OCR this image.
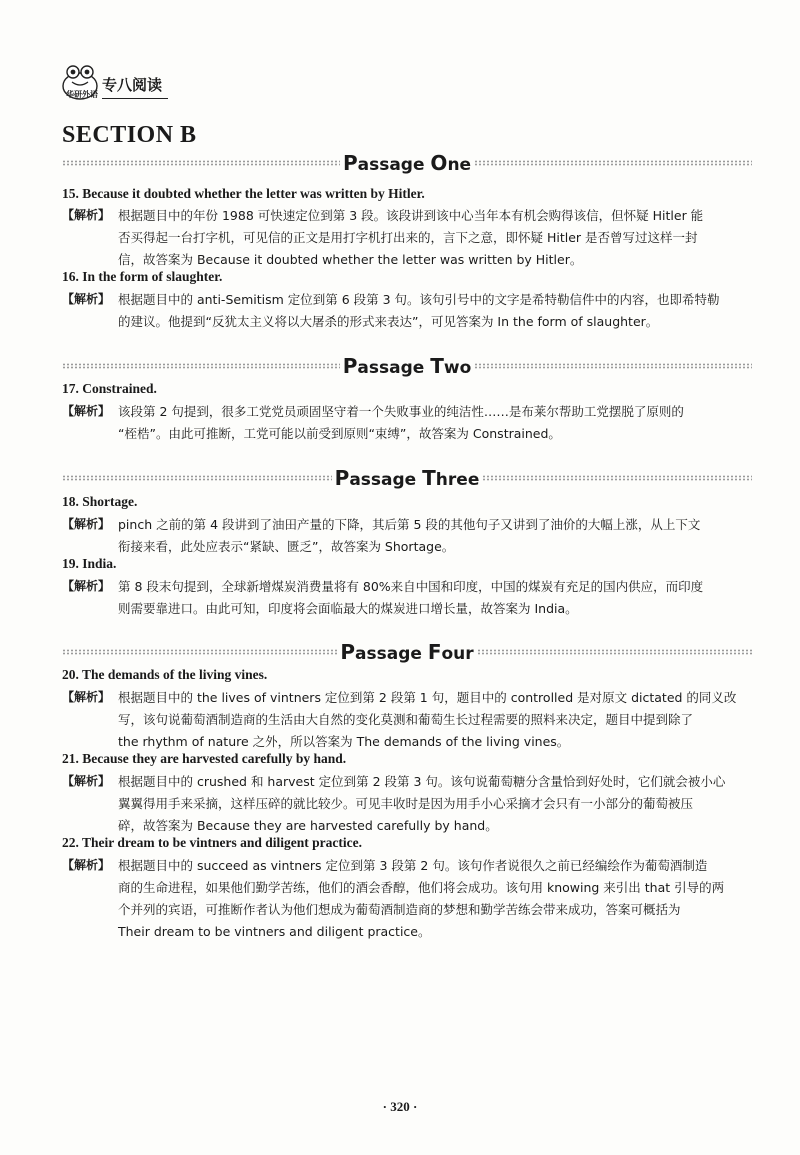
华研外语
专八阅读
SECTION B
Passage One
15. Because it doubted whether the letter was written by Hitler.
【解析】 根据题目中的年份 1988 可快速定位到第 3 段。该段讲到该中心当年本有机会购得该信，但怀疑 Hitler 能
否买得起一台打字机，可见信的正文是用打字机打出来的，言下之意，即怀疑 Hitler 是否曾写过这样一封
信，故答案为 Because it doubted whether the letter was written by Hitler。
16. In the form of slaughter.
【解析】 根据题目中的 anti-Semitism 定位到第 6 段第 3 句。该句引号中的文字是希特勒信件中的内容，也即希特勒
的建议。他提到“反犹太主义将以大屠杀的形式来表达”，可见答案为 In the form of slaughter。
Passage Two
17. Constrained.
【解析】 该段第 2 句提到，很多工党党员顽固坚守着一个失败事业的纯洁性……是布莱尔帮助工党摆脱了原则的
“桎梏”。由此可推断，工党可能以前受到原则“束缚”，故答案为 Constrained。
Passage Three
18. Shortage.
【解析】 pinch 之前的第 4 段讲到了油田产量的下降，其后第 5 段的其他句子又讲到了油价的大幅上涨，从上下文
衔接来看，此处应表示“紧缺、匮乏”，故答案为 Shortage。
19. India.
【解析】 第 8 段末句提到，全球新增煤炭消费量将有 80%来自中国和印度，中国的煤炭有充足的国内供应，而印度
则需要靠进口。由此可知，印度将会面临最大的煤炭进口增长量，故答案为 India。
Passage Four
20. The demands of the living vines.
【解析】 根据题目中的 the lives of vintners 定位到第 2 段第 1 句，题目中的 controlled 是对原文 dictated 的同义改
写，该句说葡萄酒制造商的生活由大自然的变化莫测和葡萄生长过程需要的照料来决定，题目中提到除了
the rhythm of nature 之外，所以答案为 The demands of the living vines。
21. Because they are harvested carefully by hand.
【解析】 根据题目中的 crushed 和 harvest 定位到第 2 段第 3 句。该句说葡萄糖分含量恰到好处时，它们就会被小心
翼翼得用手来采摘，这样压碎的就比较少。可见丰收时是因为用手小心采摘才会只有一小部分的葡萄被压
碎，故答案为 Because they are harvested carefully by hand。
22. Their dream to be vintners and diligent practice.
【解析】 根据题目中的 succeed as vintners 定位到第 3 段第 2 句。该句作者说很久之前已经编绘作为葡萄酒制造
商的生命进程，如果他们勤学苦练，他们的酒会香醇，他们将会成功。该句用 knowing 来引出 that 引导的两
个并列的宾语，可推断作者认为他们想成为葡萄酒制造商的梦想和勤学苦练会带来成功，答案可概括为
Their dream to be vintners and diligent practice。
· 320 ·
